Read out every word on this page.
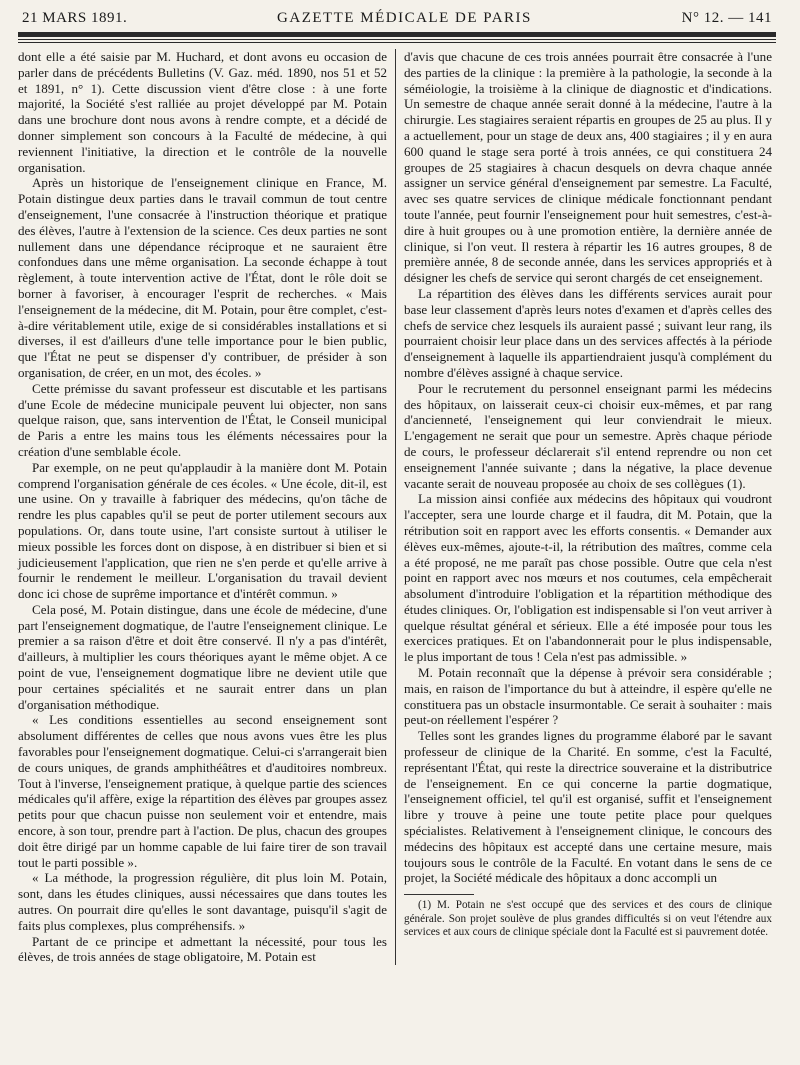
21 MARS 1891.	GAZETTE MÉDICALE DE PARIS	N° 12. — 141

dont elle a été saisie par M. Huchard, et dont avons eu occasion de parler dans de précédents Bulletins (V. Gaz. méd. 1890, nos 51 et 52 et 1891, n° 1). Cette discussion vient d'être close : à une forte majorité, la Société s'est ralliée au projet développé par M. Potain dans une brochure dont nous avons à rendre compte, et a décidé de donner simplement son concours à la Faculté de médecine, à qui reviennent l'initiative, la direction et le contrôle de la nouvelle organisation.

Après un historique de l'enseignement clinique en France, M. Potain distingue deux parties dans le travail commun de tout centre d'enseignement, l'une consacrée à l'instruction théorique et pratique des élèves, l'autre à l'extension de la science. Ces deux parties ne sont nullement dans une dépendance réciproque et ne sauraient être confondues dans une même organisation. La seconde échappe à tout règlement, à toute intervention active de l'État, dont le rôle doit se borner à favoriser, à encourager l'esprit de recherches. « Mais l'enseignement de la médecine, dit M. Potain, pour être complet, c'est-à-dire véritablement utile, exige de si considérables installations et si diverses, il est d'ailleurs d'une telle importance pour le bien public, que l'État ne peut se dispenser d'y contribuer, de présider à son organisation, de créer, en un mot, des écoles. »

Cette prémisse du savant professeur est discutable et les partisans d'une Ecole de médecine municipale peuvent lui objecter, non sans quelque raison, que, sans intervention de l'État, le Conseil municipal de Paris a entre les mains tous les éléments nécessaires pour la création d'une semblable école.

Par exemple, on ne peut qu'applaudir à la manière dont M. Potain comprend l'organisation générale de ces écoles. « Une école, dit-il, est une usine. On y travaille à fabriquer des médecins, qu'on tâche de rendre les plus capables qu'il se peut de porter utilement secours aux populations. Or, dans toute usine, l'art consiste surtout à utiliser le mieux possible les forces dont on dispose, à en distribuer si bien et si judicieusement l'application, que rien ne s'en perde et qu'elle arrive à fournir le rendement le meilleur. L'organisation du travail devient donc ici chose de suprême importance et d'intérêt commun. »

Cela posé, M. Potain distingue, dans une école de médecine, d'une part l'enseignement dogmatique, de l'autre l'enseignement clinique. Le premier a sa raison d'être et doit être conservé. Il n'y a pas d'intérêt, d'ailleurs, à multiplier les cours théoriques ayant le même objet. A ce point de vue, l'enseignement dogmatique libre ne devient utile que pour certaines spécialités et ne saurait entrer dans un plan d'organisation méthodique.

« Les conditions essentielles au second enseignement sont absolument différentes de celles que nous avons vues être les plus favorables pour l'enseignement dogmatique. Celui-ci s'arrangerait bien de cours uniques, de grands amphithéâtres et d'auditoires nombreux. Tout à l'inverse, l'enseignement pratique, à quelque partie des sciences médicales qu'il affère, exige la répartition des élèves par groupes assez petits pour que chacun puisse non seulement voir et entendre, mais encore, à son tour, prendre part à l'action. De plus, chacun des groupes doit être dirigé par un homme capable de lui faire tirer de son travail tout le parti possible ».

« La méthode, la progression régulière, dit plus loin M. Potain, sont, dans les études cliniques, aussi nécessaires que dans toutes les autres. On pourrait dire qu'elles le sont davantage, puisqu'il s'agit de faits plus complexes, plus compréhensifs. »

Partant de ce principe et admettant la nécessité, pour tous les élèves, de trois années de stage obligatoire, M. Potain est

d'avis que chacune de ces trois années pourrait être consacrée à l'une des parties de la clinique : la première à la pathologie, la seconde à la séméiologie, la troisième à la clinique de diagnostic et d'indications. Un semestre de chaque année serait donné à la médecine, l'autre à la chirurgie. Les stagiaires seraient répartis en groupes de 25 au plus. Il y a actuellement, pour un stage de deux ans, 400 stagiaires ; il y en aura 600 quand le stage sera porté à trois années, ce qui constituera 24 groupes de 25 stagiaires à chacun desquels on devra chaque année assigner un service général d'enseignement par semestre. La Faculté, avec ses quatre services de clinique médicale fonctionnant pendant toute l'année, peut fournir l'enseignement pour huit semestres, c'est-à-dire à huit groupes ou à une promotion entière, la dernière année de clinique, si l'on veut. Il restera à répartir les 16 autres groupes, 8 de première année, 8 de seconde année, dans les services appropriés et à désigner les chefs de service qui seront chargés de cet enseignement.

La répartition des élèves dans les différents services aurait pour base leur classement d'après leurs notes d'examen et d'après celles des chefs de service chez lesquels ils auraient passé ; suivant leur rang, ils pourraient choisir leur place dans un des services affectés à la période d'enseignement à laquelle ils appartiendraient jusqu'à complément du nombre d'élèves assigné à chaque service.

Pour le recrutement du personnel enseignant parmi les médecins des hôpitaux, on laisserait ceux-ci choisir eux-mêmes, et par rang d'ancienneté, l'enseignement qui leur conviendrait le mieux. L'engagement ne serait que pour un semestre. Après chaque période de cours, le professeur déclarerait s'il entend reprendre ou non cet enseignement l'année suivante ; dans la négative, la place devenue vacante serait de nouveau proposée au choix de ses collègues (1).

La mission ainsi confiée aux médecins des hôpitaux qui voudront l'accepter, sera une lourde charge et il faudra, dit M. Potain, que la rétribution soit en rapport avec les efforts consentis. « Demander aux élèves eux-mêmes, ajoute-t-il, la rétribution des maîtres, comme cela a été proposé, ne me paraît pas chose possible. Outre que cela n'est point en rapport avec nos mœurs et nos coutumes, cela empêcherait absolument d'introduire l'obligation et la répartition méthodique des études cliniques. Or, l'obligation est indispensable si l'on veut arriver à quelque résultat général et sérieux. Elle a été imposée pour tous les exercices pratiques. Et on l'abandonnerait pour le plus indispensable, le plus important de tous ! Cela n'est pas admissible. »

M. Potain reconnaît que la dépense à prévoir sera considérable ; mais, en raison de l'importance du but à atteindre, il espère qu'elle ne constituera pas un obstacle insurmontable. Ce serait à souhaiter : mais peut-on réellement l'espérer ?

Telles sont les grandes lignes du programme élaboré par le savant professeur de clinique de la Charité. En somme, c'est la Faculté, représentant l'État, qui reste la directrice souveraine et la distributrice de l'enseignement. En ce qui concerne la partie dogmatique, l'enseignement officiel, tel qu'il est organisé, suffit et l'enseignement libre y trouve à peine une toute petite place pour quelques spécialistes. Relativement à l'enseignement clinique, le concours des médecins des hôpitaux est accepté dans une certaine mesure, mais toujours sous le contrôle de la Faculté. En votant dans le sens de ce projet, la Société médicale des hôpitaux a donc accompli un

(1) M. Potain ne s'est occupé que des services et des cours de clinique générale. Son projet soulève de plus grandes difficultés si on veut l'étendre aux services et aux cours de clinique spéciale dont la Faculté est si pauvrement dotée.
